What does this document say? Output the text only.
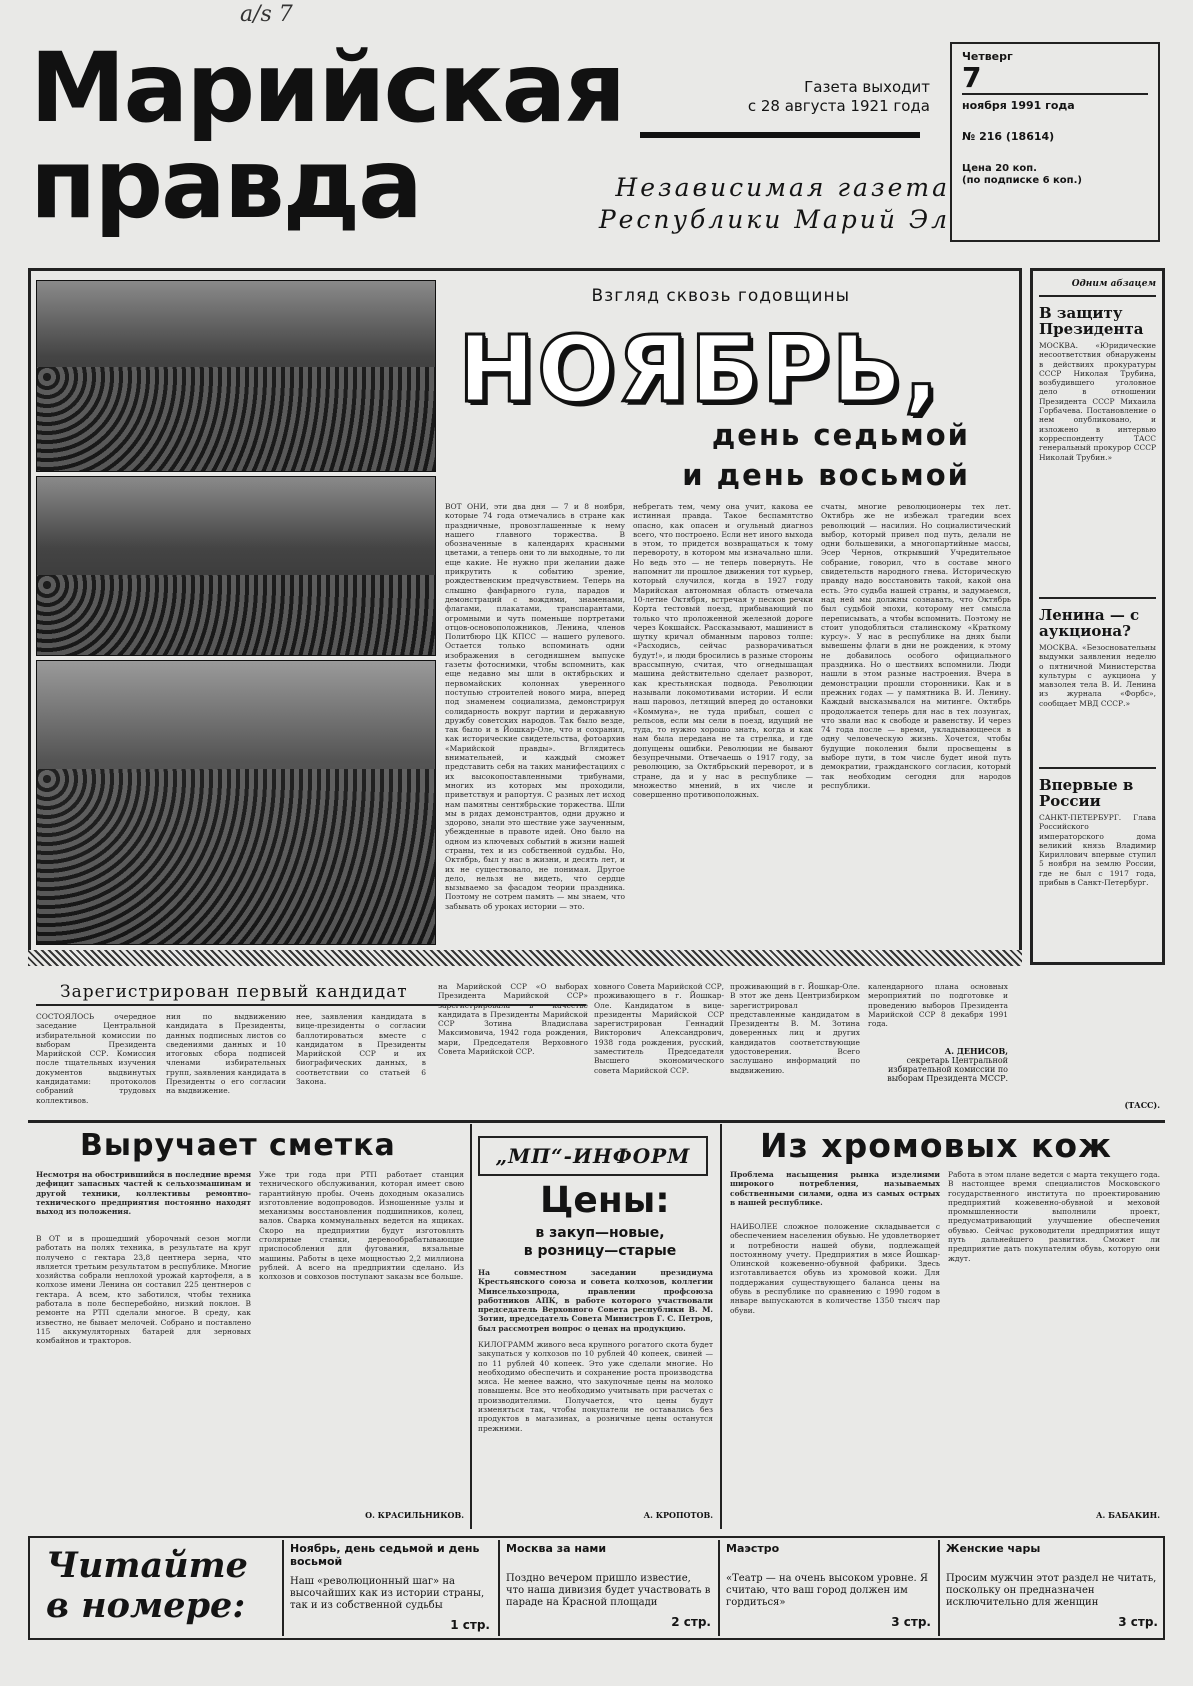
a/s 7
Марийская
правда
Газета выходит
с 28 августа 1921 года
Независимая газета
Республики Марий Эл
Четверг
7
ноября 1991 года
№ 216 (18614)
Цена 20 коп.
(по подписке 6 коп.)
Взгляд сквозь годовщины
НОЯБРЬ,
день седьмой
и день восьмой
ВОТ ОНИ, эти два дня — 7 и 8 ноября, которые 74 года отмечались в стране как праздничные, провозглашенные к нему нашего главного торжества. В обозначенные в календарях красными цветами, а теперь они то ли выходные, то ли еще какие. Не нужно при желании даже прикрутить к событию зрение, рождественским предчувствием. Теперь на слышно фанфарного гула, парадов и демонстраций с вождями, знаменами, флагами, плакатами, транспарантами, огромными и чуть поменьше портретами отцов-основоположников, Ленина, членов Политбюро ЦК КПСС — нашего рулевого. Остается только вспоминать одни изображения в сегодняшнем выпуске газеты фотоснимки, чтобы вспомнить, как еще недавно мы шли в октябрьских и первомайских колоннах уверенного поступью строителей нового мира, вперед под знаменем социализма, демонстрируя солидарность вокруг партии и державную дружбу советских народов. Так было везде, так было и в Йошкар-Оле, что и сохранил, как исторические свидетельства, фотоархив «Марийской правды». Вглядитесь внимательней, и каждый сможет представить себя на таких манифестациях с их высокопоставленными трибунами, многих из которых мы проходили, приветствуя и рапортуя. С разных лет исход нам памятны сентябрьские торжества. Шли мы в рядах демонстрантов, одни дружно и здорово, знали это шествие уже заученным, убежденные в правоте идей. Оно было на одном из ключевых событий в жизни нашей страны, тех и из собственной судьбы. Но, Октябрь, был у нас в жизни, и десять лет, и их не существовало, не понимая. Другое дело, нельзя не видеть, что сердце вызываемо за фасадом теории праздника. Поэтому не сотрем память — мы знаем, что забывать об уроках истории — это.
небрегать тем, чему она учит, какова ее истинная правда. Такое беспамятство опасно, как опасен и огульный диагноз всего, что построено. Если нет иного выхода в этом, то придется возвращаться к тому перевороту, в котором мы изначально шли. Но ведь это — не теперь повернуть. Не напомнит ли прошлое движения тот курьер, который случился, когда в 1927 году Марийская автономная область отмечала 10-летие Октября, встречая у песков речки Корта тестовый поезд, прибывающий по только что проложенной железной дороге через Кокшайск. Рассказывают, машинист в шутку кричал обманным паровоз толпе: «Расходись, сейчас разворачиваться будут!», и люди бросились в разные стороны врассыпную, считая, что огнедышащая машина действительно сделает разворот, как крестьянская подвода. Революции называли локомотивами истории. И если наш паровоз, летящий вперед до остановки «Коммуна», не туда прибыл, сошел с рельсов, если мы сели в поезд, идущий не туда, то нужно хорошо знать, когда и как нам была передана не та стрелка, и где допущены ошибки. Революции не бывают безупречными. Отвечаешь о 1917 году, за революцию, за Октябрьский переворот, и в стране, да и у нас в республике — множество мнений, в их числе и совершенно противоположных.
счаты, многие революционеры тех лет. Октябрь же не избежал трагедии всех революций — насилия. Но социалистический выбор, который привел под путь, делали не одни большевики, а многопартийные массы, Эсер Чернов, открывший Учредительное собрание, говорил, что в составе много свидетельств народного гнева. Историческую правду надо восстановить такой, какой она есть. Это судьба нашей страны, и задумаемся, над ней мы должны сознавать, что Октябрь был судьбой эпохи, которому нет смысла переписывать, а чтобы вспомнить. Поэтому не стоит уподобляться сталинскому «Краткому курсу». У нас в республике на днях были вывешены флаги в дни не рождения, к этому не добавилось особого официального праздника. Но о шествиях вспомнили. Люди нашли в этом разные настроения. Вчера в демонстрации прошли сторонники. Как и в прежних годах — у памятника В. И. Ленину. Каждый высказывался на митинге. Октябрь продолжается теперь для нас в тех лозунгах, что звали нас к свободе и равенству. И через 74 года после — время, укладывающееся в одну человеческую жизнь. Хочется, чтобы будущие поколения были просвещены в выборе пути, в том числе будет иной путь демократии, гражданского согласия, который так необходим сегодня для народов республики.
Одним абзацем
В защиту Президента
МОСКВА. «Юридические несоответствия обнаружены в действиях прокуратуры СССР Николая Трубина, возбудившего уголовное дело в отношении Президента СССР Михаила Горбачева. Постановление о нем опубликовано, и изложено в интервью корреспонденту ТАСС генеральный прокурор СССР Николай Трубин.»
Ленина — с аукциона?
МОСКВА. «Безосновательны выдумки заявления неделю о пятничной Министерства культуры с аукциона у мавзолея тела В. И. Ленина из журнала «Форбс», сообщает МВД СССР.»
Впервые в России
САНКТ-ПЕТЕРБУРГ. Глава Российского императорского дома великий князь Владимир Кириллович впервые ступил 5 ноября на землю России, где не был с 1917 года, прибыв в Санкт-Петербург.
Зарегистрирован первый кандидат
СОСТОЯЛОСЬ очередное заседание Центральной избирательной комиссии по выборам Президента Марийской ССР. Комиссия после тщательных изучения документов выдвинутых кандидатами: протоколов собраний трудовых коллективов.
ния по выдвижению кандидата в Президенты, данных подписных листов со сведениями данных и 10 итоговых сбора подписей членами избирательных групп, заявления кандидата в Президенты о его согласии на выдвижение.
нее, заявления кандидата в вице-президенты о согласии баллотироваться вместе с кандидатом в Президенты Марийской ССР и их биографических данных, в соответствии со статьей 6 Закона.
на Марийской ССР «О выборах Президента Марийской ССР» зарегистрировала в качестве кандидата в Президенты Марийской ССР Зотина Владислава Максимовича, 1942 года рождения, мари, Председателя Верховного Совета Марийской ССР.
ховного Совета Марийской ССР, проживающего в г. Йошкар-Оле. Кандидатом в вице-президенты Марийской ССР зарегистрирован Геннадий Викторович Александрович, 1938 года рождения, русский, заместитель Председателя Высшего экономического совета Марийской ССР.
проживающий в г. Йошкар-Оле. В этот же день Центризбирком зарегистрировал представленные кандидатом в Президенты В. М. Зотина доверенных лиц и других кандидатов соответствующие удостоверения. Всего заслушано информаций по выдвижению.
календарного плана основных мероприятий по подготовке и проведению выборов Президента Марийской ССР 8 декабря 1991 года.
А. ДЕНИСОВ,
секретарь Центральной избирательной комиссии по выборам Президента МССР.
(ТАСС).
Выручает сметка
Несмотря на обострившийся в последние время дефицит запасных частей к сельхозмашинам и другой техники, коллективы ремонтно-технического предприятия постоянно находят выход из положения.
В ОТ и в прошедший уборочный сезон могли работать на полях техника, в результате на круг получено с гектара 23,8 центнера зерна, что является третьим результатом в республике. Многие хозяйства собрали неплохой урожай картофеля, а в колхозе имени Ленина он составил 225 центнеров с гектара. А всем, кто заботился, чтобы техника работала в поле бесперебойно, низкий поклон. В ремонте на РТП сделали многое. В среду, как известно, не бывает мелочей. Собрано и поставлено 115 аккумуляторных батарей для зерновых комбайнов и тракторов.
Уже три года при РТП работает станция технического обслуживания, которая имеет свою гарантийную пробы. Очень доходным оказались изготовление водопроводов. Изношенные узлы и механизмы восстановления подшипников, колец, валов. Сварка коммунальных ведется на ящиках. Скоро на предприятии будут изготовлять столярные станки, деревообрабатывающие приспособления для фугования, вязальные машины. Работы в цехе мощностью 2,2 миллиона рублей. А всего на предприятии сделано. Из колхозов и совхозов поступают заказы все больше.
О. КРАСИЛЬНИКОВ.
„МП“-ИНФОРМ
Цены:
в закуп—новые,
в розницу—старые
На совместном заседании президиума Крестьянского союза и совета колхозов, коллегии Минсельхозпрода, правлении профсоюза работников АПК, в работе которого участвовали председатель Верховного Совета республики В. М. Зотин, председатель Совета Министров Г. С. Петров, был рассмотрен вопрос о ценах на продукцию.
КИЛОГРАММ живого веса крупного рогатого скота будет закупаться у колхозов по 10 рублей 40 копеек, свиней — по 11 рублей 40 копеек. Это уже сделали многие. Но необходимо обеспечить и сохранение роста производства мяса. Не менее важно, что закупочные цены на молоко повышены. Все это необходимо учитывать при расчетах с производителями. Получается, что цены будут изменяться так, чтобы покупатели не оставались без продуктов в магазинах, а розничные цены останутся прежними.
А. КРОПОТОВ.
Из хромовых кож
Проблема насыщения рынка изделиями широкого потребления, называемых собственными силами, одна из самых острых в нашей республике.
НАИБОЛЕЕ сложное положение складывается с обеспечением населения обувью. Не удовлетворяет и потребности нашей обуви, подлежащей постоянному учету. Предприятия в мясе Йошкар-Олинской кожевенно-обувной фабрики. Здесь изготавливается обувь из хромовой кожи. Для поддержания существующего баланса цены на обувь в республике по сравнению с 1990 годом в январе выпускаются в количестве 1350 тысяч пар обуви.
Работа в этом плане ведется с марта текущего года. В настоящее время специалистов Московского государственного института по проектированию предприятий кожевенно-обувной и меховой промышленности выполнили проект, предусматривающий улучшение обеспечения обувью. Сейчас руководители предприятия ищут путь дальнейшего развития. Сможет ли предприятие дать покупателям обувь, которую они ждут.
А. БАБАКИН.
Читайте
в номере:
Ноябрь, день седьмой и день восьмой
Наш «революционный шаг» на высочайших как из истории страны, так и из собственной судьбы
1 стр.
Москва за нами
Поздно вечером пришло известие, что наша дивизия будет участвовать в параде на Красной площади
2 стр.
Маэстро
«Театр — на очень высоком уровне. Я считаю, что ваш город должен им гордиться»
3 стр.
Женские чары
Просим мужчин этот раздел не читать, поскольку он предназначен исключительно для женщин
3 стр.
